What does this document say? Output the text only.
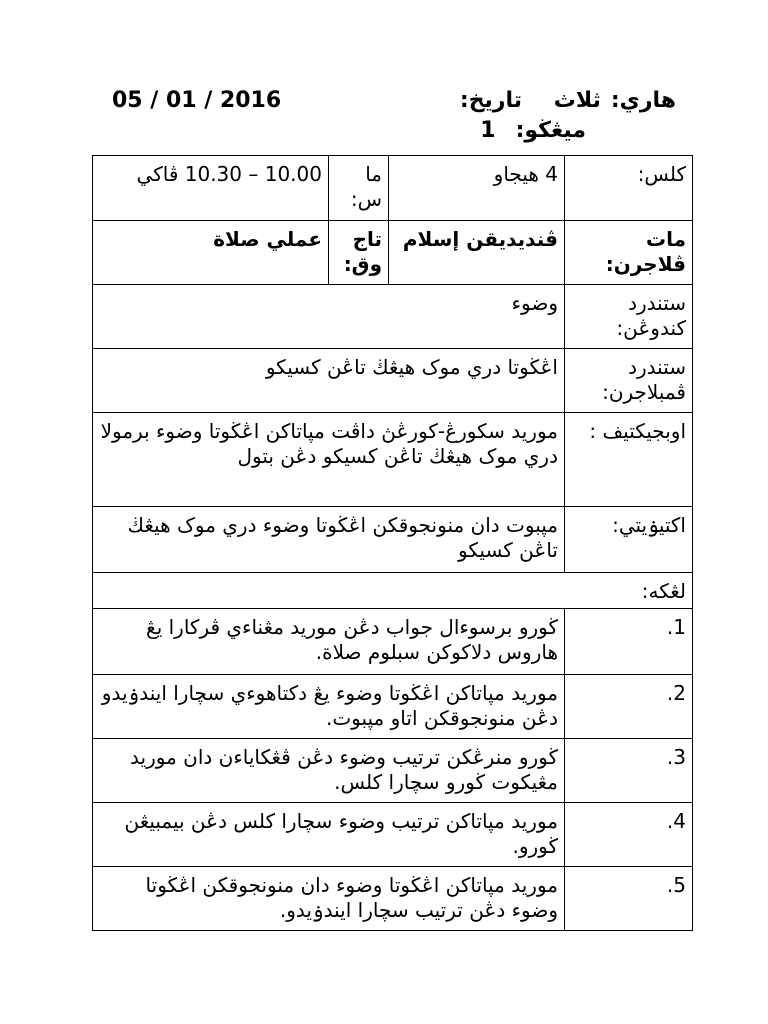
هاري:ثلاث
تاريخ:
05 / 01 / 2016
ميڠڬو:1
كلس:	4 هيجاو	ما س:	10.00 – 10.30 ڤاكي
مات ڤلاجرن:	ڤنديديقن إسلام	تاج وق:	عملي صلاة
ستندرد كندوڠن:	وضوء		
ستندرد ڤمبلاجرن:	اڠڬوتا دري موک هيڠڬ تاڠن كسيكو		
اوبجيكتيف :	موريد سكورڠ-كورڠڽ داڤت مڽاتاكن اڠڬوتا وضوء برمولا دري موک هيڠڬ تاڠن كسيكو دڠن بتول		
اكتيۏيتي:	مڽبوت دان منونجوقكن اڠڬوتا وضوء دري موک هيڠڬ تاڠن كسيكو		
لڠكه:			
1.	ڬورو برسوءال جواب دڠن موريد مڠناءي ڤركارا يڠ هاروس دلاكوكن سبلوم صلاة.		
2.	موريد مڽاتاكن اڠڬوتا وضوء يڠ دكتاهوءي سچارا ايندۏيدو دڠن منونجوقكن اتاو مڽبوت.		
3.	ڬورو منرڠكن ترتيب وضوء دڠن ڤڠكاياءن دان موريد مڠيكوت ڬورو سچارا كلس.		
4.	موريد مڽاتاكن ترتيب وضوء سچارا كلس دڠن بيمبيڠن ڬورو.		
5.	موريد مڽاتاكن اڠڬوتا وضوء دان منونجوقكن اڠڬوتا وضوء دڠن ترتيب سچارا ايندۏيدو.		
